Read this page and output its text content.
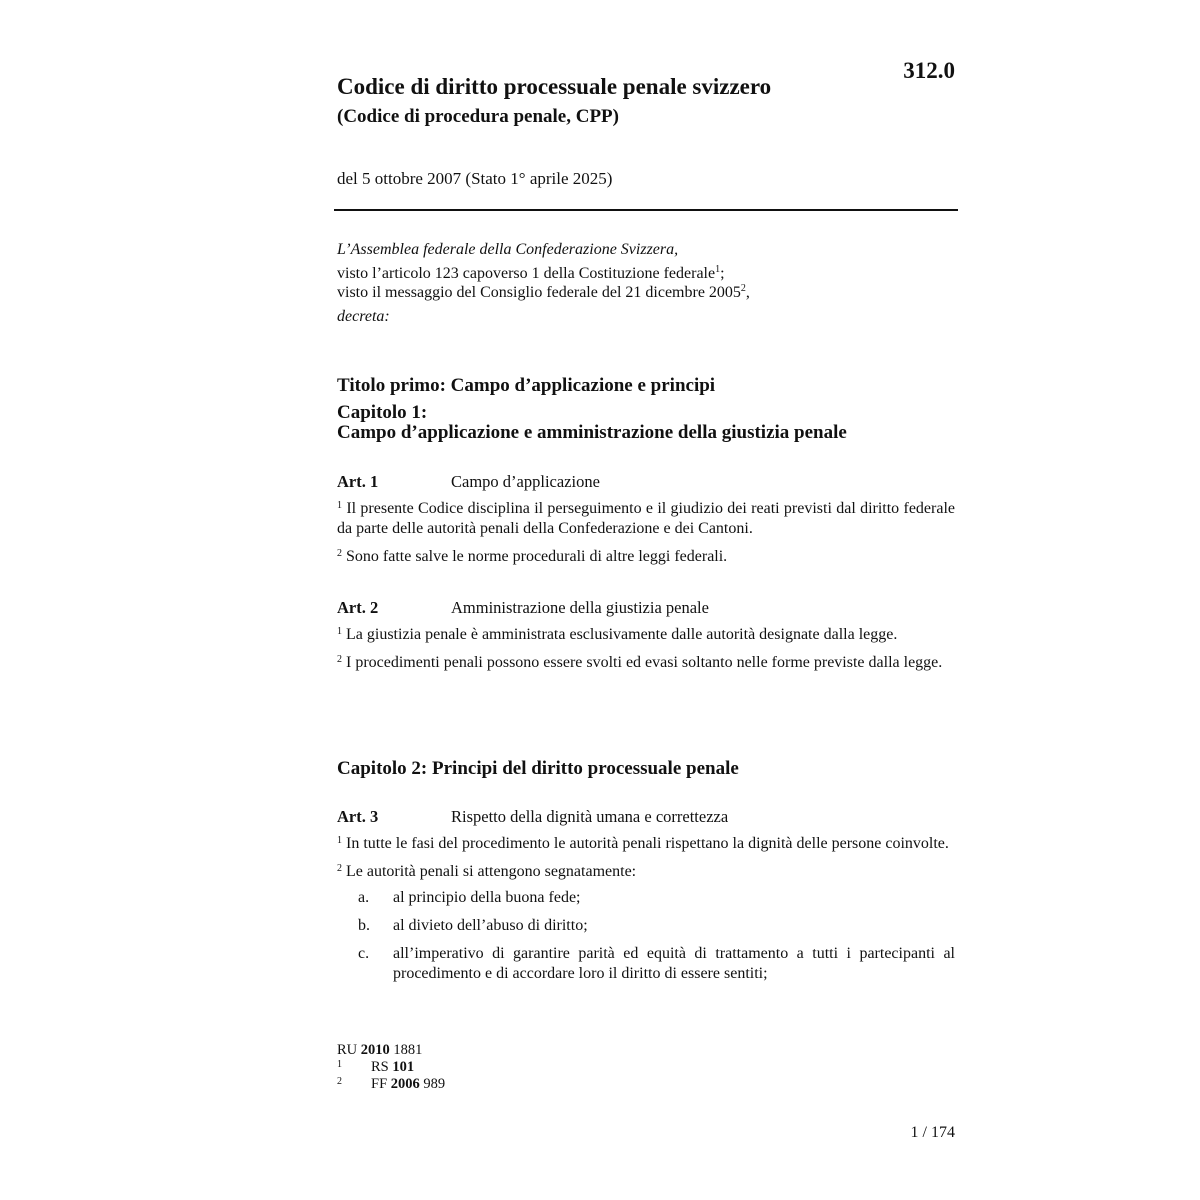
312.0
Codice di diritto processuale penale svizzero
(Codice di procedura penale, CPP)
del 5 ottobre 2007 (Stato 1° aprile 2025)
L’Assemblea federale della Confederazione Svizzera,
visto l’articolo 123 capoverso 1 della Costituzione federale$^1$;
visto il messaggio del Consiglio federale del 21 dicembre 2005$^2$,
decreta:
Titolo primo: Campo d’applicazione e principi
Capitolo 1:
Campo d’applicazione e amministrazione della giustizia penale
Art. 1	Campo d’applicazione
$^1$ Il presente Codice disciplina il perseguimento e il giudizio dei reati previsti dal diritto federale da parte delle autorità penali della Confederazione e dei Cantoni.
$^2$ Sono fatte salve le norme procedurali di altre leggi federali.
Art. 2	Amministrazione della giustizia penale
$^1$ La giustizia penale è amministrata esclusivamente dalle autorità designate dalla legge.
$^2$ I procedimenti penali possono essere svolti ed evasi soltanto nelle forme previste dalla legge.
Capitolo 2: Principi del diritto processuale penale
Art. 3	Rispetto della dignità umana e correttezza
$^1$ In tutte le fasi del procedimento le autorità penali rispettano la dignità delle persone coinvolte.
$^2$ Le autorità penali si attengono segnatamente:
a.	al principio della buona fede;
b.	al divieto dell’abuso di diritto;
c.	all’imperativo di garantire parità ed equità di trattamento a tutti i partecipanti al procedimento e di accordare loro il diritto di essere sentiti;
RU 2010 1881
1	RS 101
2	FF 2006 989
1 / 174
